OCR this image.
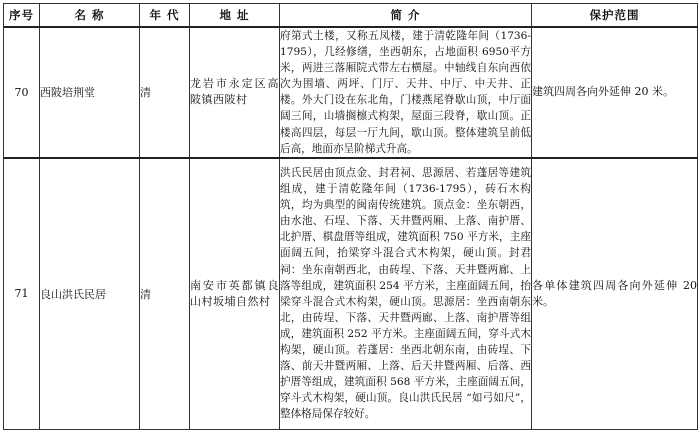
序号	名 称	年 代	地 址	简 介	保护范围
70	西陂培荆堂	清	龙岩市永定区高陂镇西陂村	府第式土楼，又称五凤楼，建于清乾隆年间（1736-1795），几经修缮，坐西朝东，占地面积 6950平方米，两进三落厢院式带左右横屋。中轴线自东向西依次为围墙、两坪、门厅、天井、中厅、中天井、正楼。外大门设在东北角，门楼燕尾脊歇山顶，中厅面阔三间，山墙搁檩式构架，屋面三段脊，歇山顶。正楼高四层，每层一厅九间，歇山顶。整体建筑呈前低后高，地面亦呈阶梯式升高。	建筑四周各向外延伸 20 米。
71	良山洪氏民居	清	南安市英都镇良山村坂埔自然村	洪氏民居由顶点金、封君祠、思源居、若蓬居等建筑组成，建于清乾隆年间（1736-1795），砖石木构筑，均为典型的闽南传统建筑。顶点金：坐东朝西，由水池、石埕、下落、天井暨两厢、上落、南护厝、北护厝、棋盘厝等组成，建筑面积 750 平方米，主座面阔五间，抬梁穿斗混合式木构架，硬山顶。封君祠：坐东南朝西北，由砖埕、下落、天井暨两廊、上落等组成，建筑面积 254 平方米，主座面阔五间，抬梁穿斗混合式木构架，硬山顶。思源居：坐西南朝东北，由砖埕、下落、天井暨两廊、上落、南护厝等组成，建筑面积 252 平方米。主座面阔五间，穿斗式木构架，硬山顶。若蓬居：坐西北朝东南，由砖埕、下落、前天井暨两厢、上落、后天井暨两厢、后落、西护厝等组成，建筑面积 568 平方米，主座面阔五间，穿斗式木构架，硬山顶。良山洪氏民居 “如弓如尺”，整体格局保存较好。	各单体建筑四周各向外延伸 20 米。
